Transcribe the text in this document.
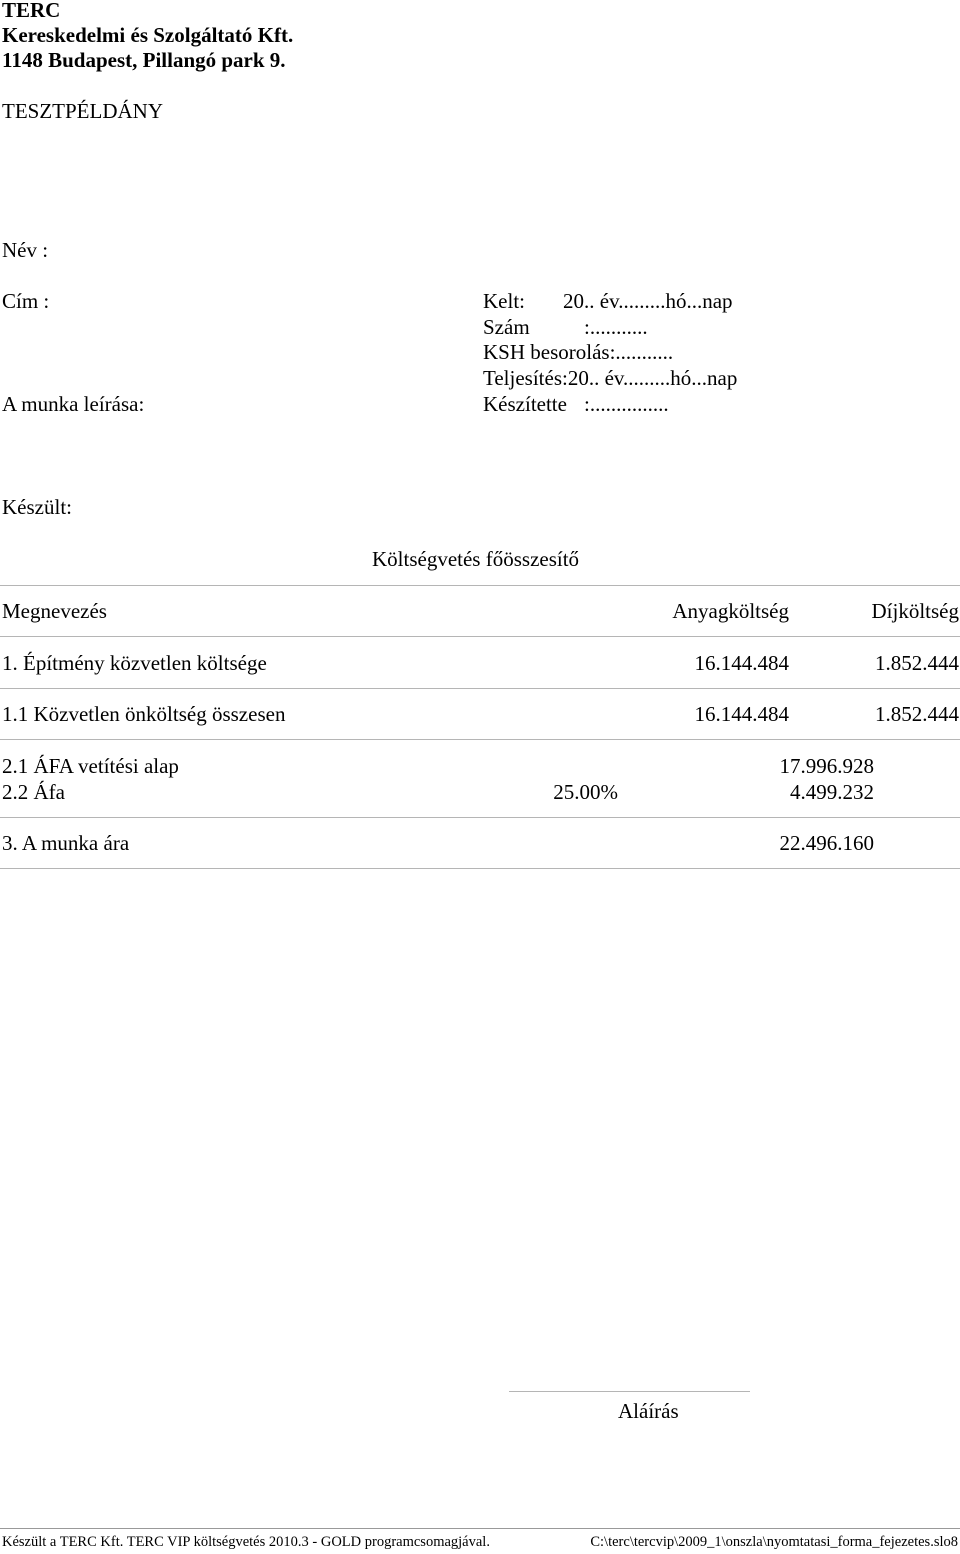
TERC
Kereskedelmi és Szolgáltató Kft.
1148 Budapest, Pillangó park 9.
TESZTPÉLDÁNY
Név :
Cím :
A munka leírása:
Kelt: 20.. év.........hó...nap
Szám	:...........
KSH besorolás:...........
Teljesítés:20.. év.........hó...nap
Készítette :...............
Készült:
Költségvetés főösszesítő
Megnevezés	Anyagköltség	Díjköltség
1. Építmény közvetlen költsége	16.144.484	1.852.444
1.1 Közvetlen önköltség összesen	16.144.484	1.852.444
2.1 ÁFA vetítési alap	17.996.928
2.2 Áfa	25.00%	4.499.232
3. A munka ára	22.496.160
Aláírás
Készült a TERC Kft. TERC VIP költségvetés 2010.3 - GOLD programcsomagjával.	C:\terc\tercvip\2009_1\onszla\nyomtatasi_forma_fejezetes.slo8
